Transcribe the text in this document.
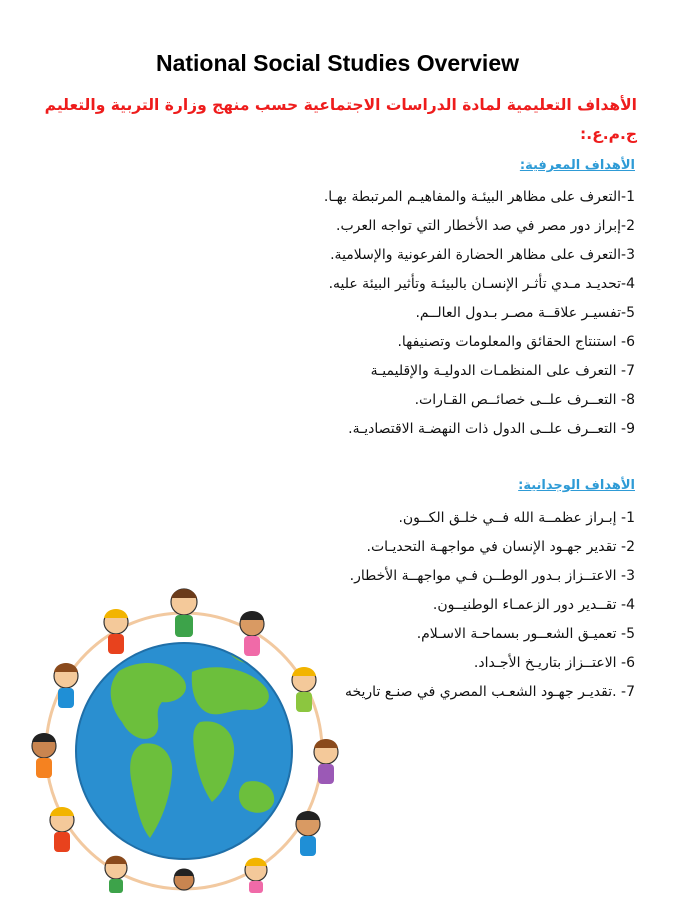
National Social Studies Overview
الأهداف التعليمية لمادة الدراسات الاجتماعية حسب منهج وزارة التربية والتعليم
ج.م.ع.:
الأهداف المعرفية:
1-التعرف على مظاهر البيئـة والمفاهيـم المرتبطة بهـا.
2-إبراز دور مصر في صد الأخطار التي تواجه العرب.
3-التعرف على مظاهر الحضارة الفرعونية والإسلامية.
4-تحديـد مـدي تأثـر الإنسـان بالبيئـة وتأثير البيئة عليه.
5-تفسيـر علاقــة مصـر بـدول العالــم.
6- استنتاج الحقائق والمعلومات وتصنيفها.
7- التعرف على المنظمـات الدوليـة والإقليميـة
8- التعــرف علــى خصائــص القـارات.
9- التعــرف علــى الدول ذات النهضـة الاقتصاديـة.
الأهداف الوجدانية:
1- إبـراز عظمــة الله فــي خلـق الكــون.
2- تقدير جهـود الإنسان في مواجهـة التحديـات.
3- الاعتــزاز بـدور الوطــن فـي مواجهــة الأخطار.
4- تقــدير دور الزعمـاء الوطنيــون.
5- تعميـق الشعــور بسماحـة الاسـلام.
6- الاعتــزاز بتاريـخ الأجـداد.
7- .تقديـر جهـود الشعـب المصري في صنـع تاريخه
